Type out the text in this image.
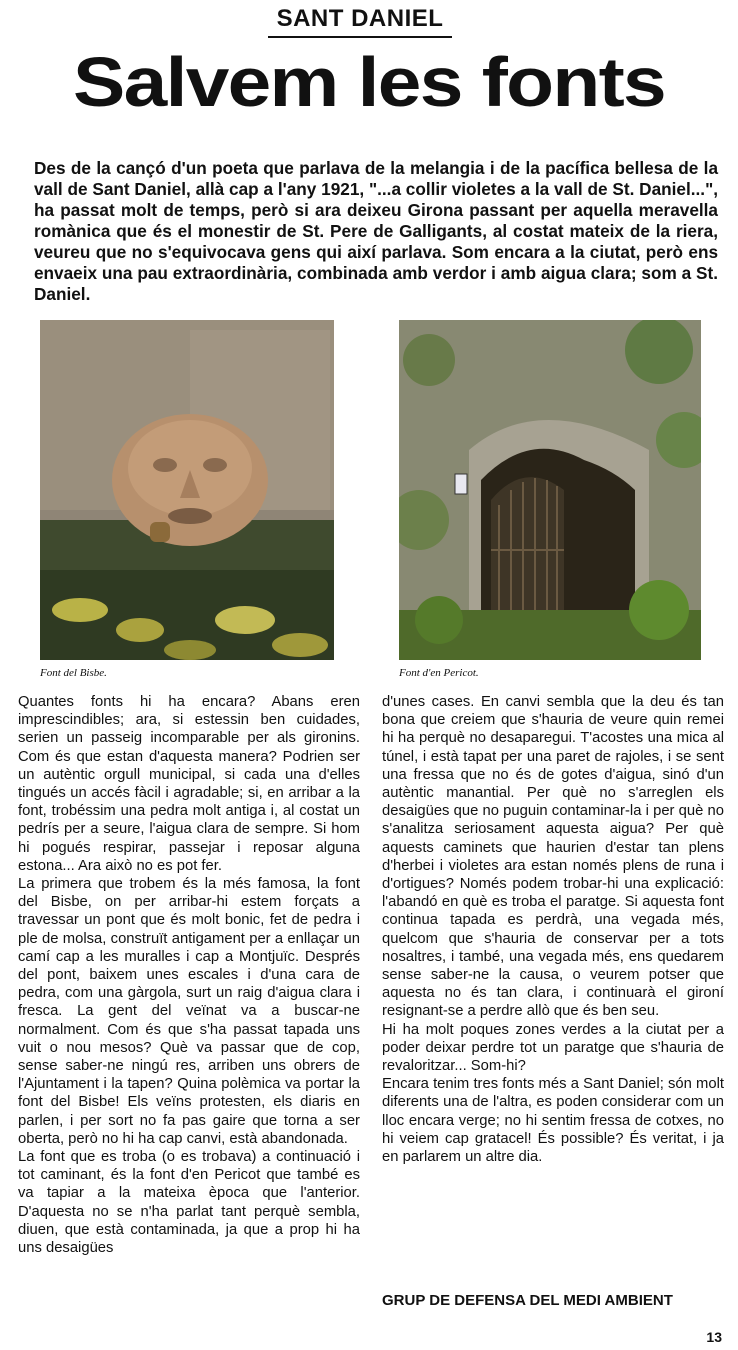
SANT DANIEL
Salvem les fonts
Des de la cançó d'un poeta que parlava de la melangia i de la pacífica bellesa de la vall de Sant Daniel, allà cap a l'any 1921, "...a collir violetes a la vall de St. Daniel...", ha passat molt de temps, però si ara deixeu Girona passant per aquella meravella romànica que és el monestir de St. Pere de Galligants, al costat mateix de la riera, veureu que no s'equivocava gens qui així parlava. Som encara a la ciutat, però ens envaeix una pau extraordinària, combinada amb verdor i amb aigua clara; som a St. Daniel.
Font del Bisbe.	Font d'en Pericot.

Quantes fonts hi ha encara? Abans eren imprescindibles; ara, si estessin ben cuidades, serien un passeig incomparable per als gironins. Com és que estan d'aquesta manera? Podrien ser un autèntic orgull municipal, si cada una d'elles tingués un accés fàcil i agradable; si, en arribar a la font, trobéssim una pedra molt antiga i, al costat un pedrís per a seure, l'aigua clara de sempre. Si hom hi pogués respirar, passejar i reposar alguna estona... Ara això no es pot fer.

La primera que trobem és la més famosa, la font del Bisbe, on per arribar-hi estem forçats a travessar un pont que és molt bonic, fet de pedra i ple de molsa, construït antigament per a enllaçar un camí cap a les muralles i cap a Montjuïc. Després del pont, baixem unes escales i d'una cara de pedra, com una gàrgola, surt un raig d'aigua clara i fresca. La gent del veïnat va a buscar-ne normalment. Com és que s'ha passat tapada uns vuit o nou mesos? Què va passar que de cop, sense saber-ne ningú res, arriben uns obrers de l'Ajuntament i la tapen? Quina polèmica va portar la font del Bisbe! Els veïns protesten, els diaris en parlen, i per sort no fa pas gaire que torna a ser oberta, però no hi ha cap canvi, està abandonada.

La font que es troba (o es trobava) a continuació i tot caminant, és la font d'en Pericot que també es va tapiar a la mateixa època que l'anterior. D'aquesta no se n'ha parlat tant perquè sembla, diuen, que està contaminada, ja que a prop hi ha uns desaigües

d'unes cases. En canvi sembla que la deu és tan bona que creiem que s'hauria de veure quin remei hi ha perquè no desaparegui. T'acostes una mica al túnel, i està tapat per una paret de rajoles, i se sent una fressa que no és de gotes d'aigua, sinó d'un autèntic manantial. Per què no s'arreglen els desaigües que no puguin contaminar-la i per què no s'analitza seriosament aquesta aigua? Per què aquests caminets que haurien d'estar tan plens d'herbei i violetes ara estan només plens de runa i d'ortigues? Només podem trobar-hi una explicació: l'abandó en què es troba el paratge. Si aquesta font continua tapada es perdrà, una vegada més, quelcom que s'hauria de conservar per a tots nosaltres, i també, una vegada més, ens quedarem sense saber-ne la causa, o veurem potser que aquesta no és tan clara, i continuarà el gironí resignant-se a perdre allò que és ben seu.

Hi ha molt poques zones verdes a la ciutat per a poder deixar perdre tot un paratge que s'hauria de revaloritzar... Som-hi?

Encara tenim tres fonts més a Sant Daniel; són molt diferents una de l'altra, es poden considerar com un lloc encara verge; no hi sentim fressa de cotxes, no hi veiem cap gratacel! És possible? És veritat, i ja en parlarem un altre dia.

GRUP DE DEFENSA DEL MEDI AMBIENT
13
